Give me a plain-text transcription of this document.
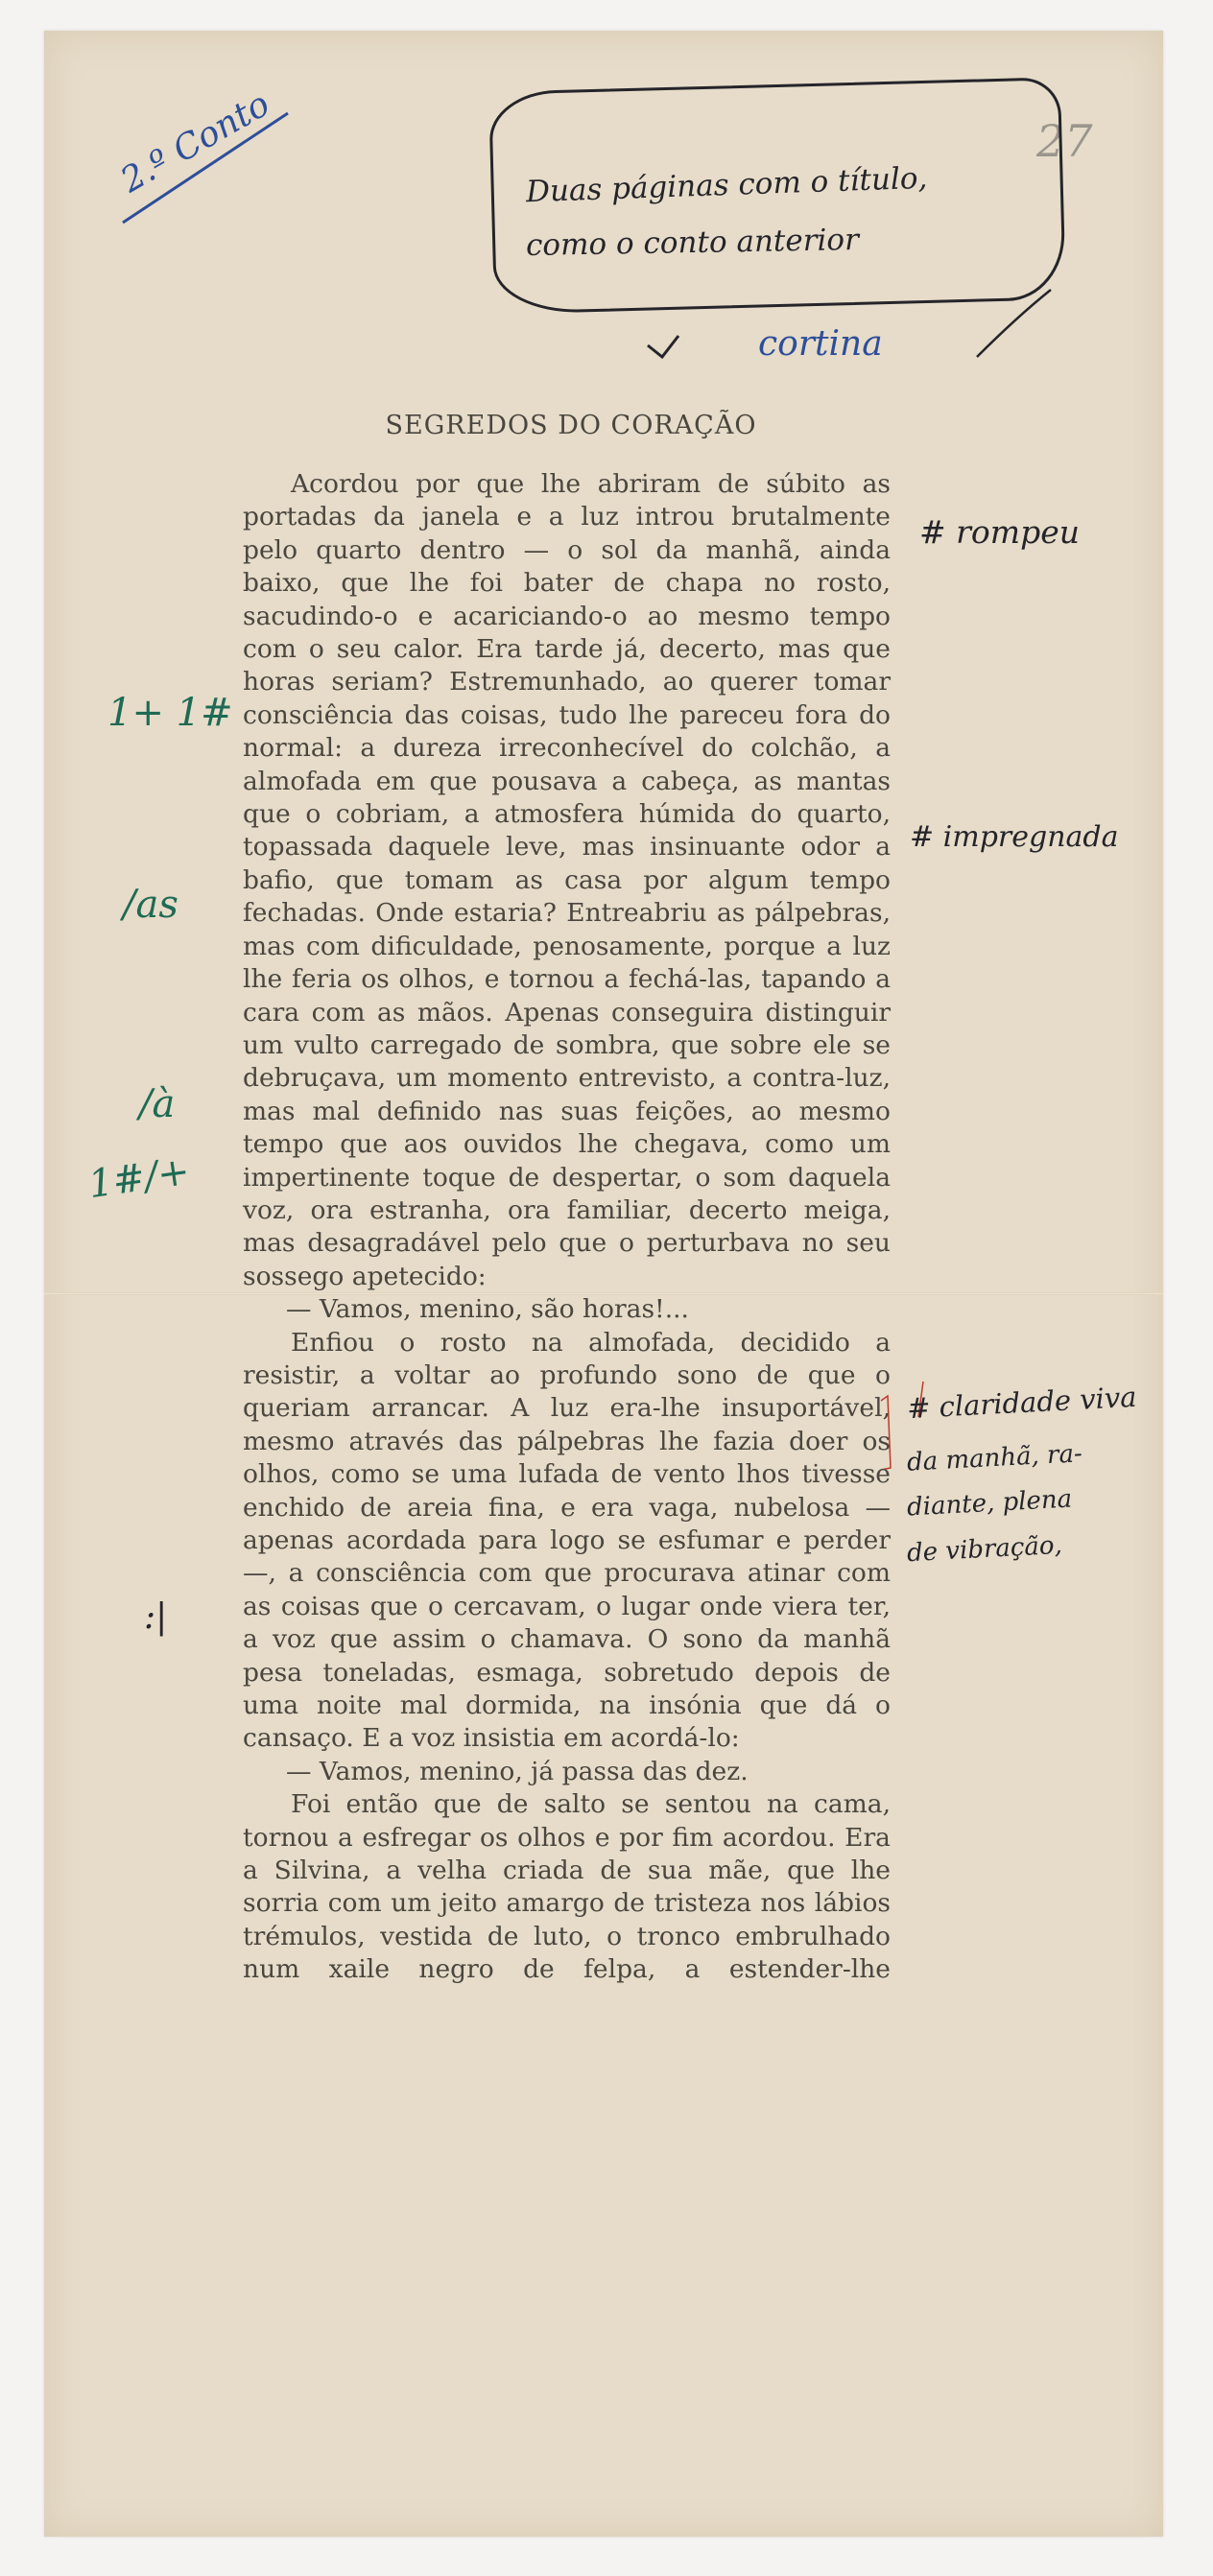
2.º Conto	27
Duas páginas com o título,
como o conto anterior
cortina
SEGREDOS DO CORAÇÃO

Acordou por que lhe abriram de súbito as portadas da janela e a luz introu brutalmente pelo quarto dentro — o sol da manhã, ainda baixo, que lhe foi bater de chapa no rosto, sacudindo-o e acariciando-o ao mesmo tempo com o seu calor. Era tarde já, decerto, mas que horas seriam? Estremunhado, ao querer tomar consciência das coisas, tudo lhe pareceu fora do normal: a dureza irreconhecível do colchão, a almofada em que pousava a cabeça, as mantas que o cobriam, a atmosfera húmida do quarto, topassada daquele leve, mas insinuante odor a bafio, que tomam as casa por algum tempo fechadas. Onde estaria? Entreabriu as pálpebras, mas com dificuldade, penosamente, porque a luz lhe feria os olhos, e tornou a fechá-las, tapando a cara com as mãos. Apenas conseguira distinguir um vulto carregado de sombra, que sobre ele se debruçava, um momento entrevisto, a contra-luz, mas mal definido nas suas feições, ao mesmo tempo que aos ouvidos lhe chegava, como um impertinente toque de despertar, o som daquela voz, ora estranha, ora familiar, decerto meiga, mas desagradável pelo que o perturbava no seu sossego apetecido:

— Vamos, menino, são horas!...

Enfiou o rosto na almofada, decidido a resistir, a voltar ao profundo sono de que o queriam arrancar. A luz era-lhe insuportável, mesmo através das pálpebras lhe fazia doer os olhos, como se uma lufada de vento lhos tivesse enchido de areia fina, e era vaga, nubelosa — apenas acordada para logo se esfumar e perder —, a consciência com que procurava atinar com as coisas que o cercavam, o lugar onde viera ter, a voz que assim o chamava. O sono da manhã pesa toneladas, esmaga, sobretudo depois de uma noite mal dormida, na insónia que dá o cansaço. E a voz insistia em acordá-lo:

— Vamos, menino, já passa das dez.

Foi então que de salto se sentou na cama, tornou a esfregar os olhos e por fim acordou. Era a Silvina, a velha criada de sua mãe, que lhe sorria com um jeito amargo de tristeza nos lábios trémulos, vestida de luto, o tronco embrulhado num xaile negro de felpa, a estender-lhe

# rompeu
# impregnada
# claridade viva
da manhã, ra-
diante, plena
de vibração,
1+ 1#
/as
/à
1#/+
:|
